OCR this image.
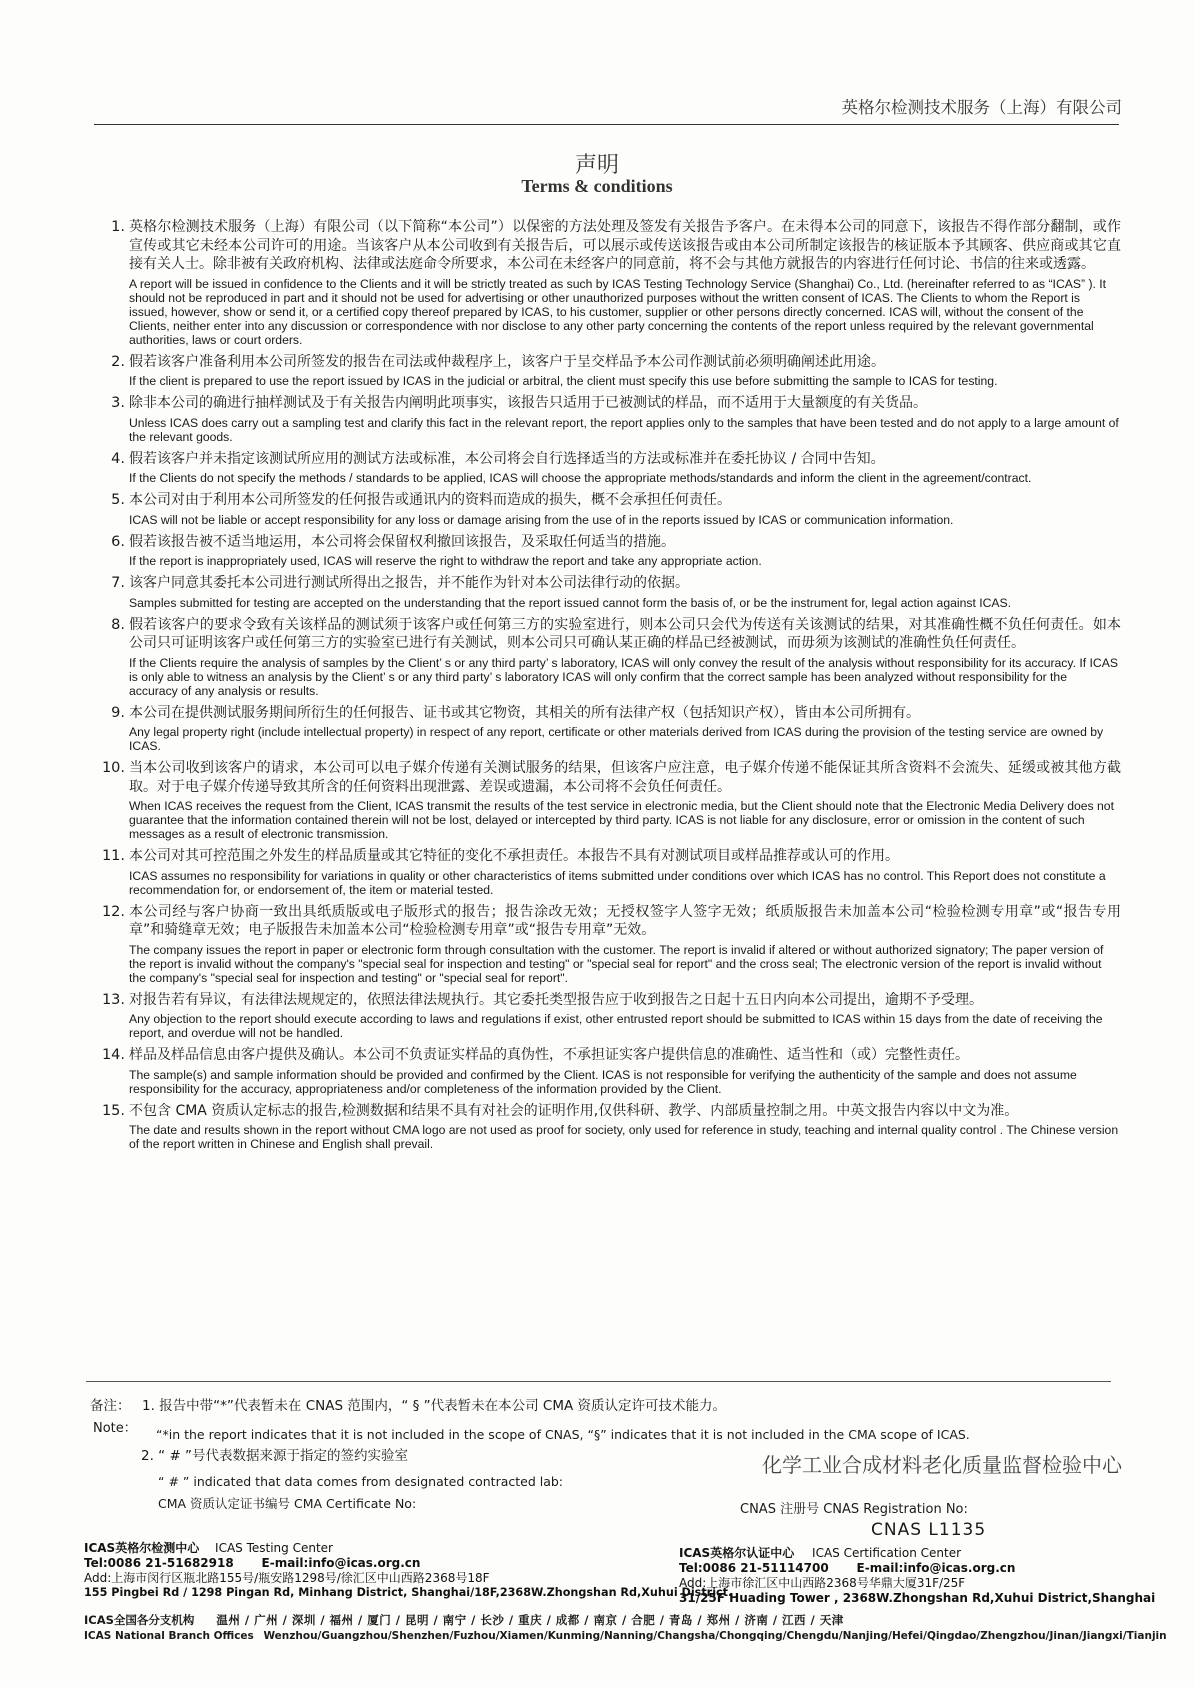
英格尔检测技术服务（上海）有限公司
声明
Terms & conditions
1. 英格尔检测技术服务（上海）有限公司（以下简称“本公司”）以保密的方法处理及签发有关报告予客户。在未得本公司的同意下，该报告不得作部分翻制，或作宣传或其它未经本公司许可的用途。当该客户从本公司收到有关报告后，可以展示或传送该报告或由本公司所制定该报告的核证版本予其顾客、供应商或其它直接有关人士。除非被有关政府机构、法律或法庭命令所要求，本公司在未经客户的同意前，将不会与其他方就报告的内容进行任何讨论、书信的往来或透露。
A report will be issued in confidence to the Clients and it will be strictly treated as such by ICAS Testing Technology Service (Shanghai) Co., Ltd. (hereinafter referred to as “ICAS” ). It should not be reproduced in part and it should not be used for advertising or other unauthorized purposes without the written consent of ICAS. The Clients to whom the Report is issued, however, show or send it, or a certified copy thereof prepared by ICAS, to his customer, supplier or other persons directly concerned. ICAS will, without the consent of the Clients, neither enter into any discussion or correspondence with nor disclose to any other party concerning the contents of the report unless required by the relevant governmental authorities, laws or court orders.
2. 假若该客户准备利用本公司所签发的报告在司法或仲裁程序上，该客户于呈交样品予本公司作测试前必须明确阐述此用途。
If the client is prepared to use the report issued by ICAS in the judicial or arbitral, the client must specify this use before submitting the sample to ICAS for testing.
3. 除非本公司的确进行抽样测试及于有关报告内阐明此项事实，该报告只适用于已被测试的样品，而不适用于大量额度的有关货品。
Unless ICAS does carry out a sampling test and clarify this fact in the relevant report, the report applies only to the samples that have been tested and do not apply to a large amount of the relevant goods.
4. 假若该客户并未指定该测试所应用的测试方法或标准，本公司将会自行选择适当的方法或标准并在委托协议 / 合同中告知。
If the Clients do not specify the methods / standards to be applied, ICAS will choose the appropriate methods/standards and inform the client in the agreement/contract.
5. 本公司对由于利用本公司所签发的任何报告或通讯内的资料而造成的损失，概不会承担任何责任。
ICAS will not be liable or accept responsibility for any loss or damage arising from the use of in the reports issued by ICAS or communication information.
6. 假若该报告被不适当地运用，本公司将会保留权利撤回该报告，及采取任何适当的措施。
If the report is inappropriately used, ICAS will reserve the right to withdraw the report and take any appropriate action.
7. 该客户同意其委托本公司进行测试所得出之报告，并不能作为针对本公司法律行动的依据。
Samples submitted for testing are accepted on the understanding that the report issued cannot form the basis of, or be the instrument for, legal action against ICAS.
8. 假若该客户的要求令致有关该样品的测试须于该客户或任何第三方的实验室进行，则本公司只会代为传送有关该测试的结果，对其准确性概不负任何责任。如本公司只可证明该客户或任何第三方的实验室已进行有关测试，则本公司只可确认某正确的样品已经被测试，而毋须为该测试的准确性负任何责任。
If the Clients require the analysis of samples by the Client’ s or any third party’ s laboratory, ICAS will only convey the result of the analysis without responsibility for its accuracy. If ICAS is only able to witness an analysis by the Client’ s or any third party’ s laboratory ICAS will only confirm that the correct sample has been analyzed without responsibility for the accuracy of any analysis or results.
9. 本公司在提供测试服务期间所衍生的任何报告、证书或其它物资，其相关的所有法律产权（包括知识产权），皆由本公司所拥有。
Any legal property right (include intellectual property) in respect of any report, certificate or other materials derived from ICAS during the provision of the testing service are owned by ICAS.
10. 当本公司收到该客户的请求，本公司可以电子媒介传递有关测试服务的结果，但该客户应注意，电子媒介传递不能保证其所含资料不会流失、延缓或被其他方截取。对于电子媒介传递导致其所含的任何资料出现泄露、差误或遗漏，本公司将不会负任何责任。
When ICAS receives the request from the Client, ICAS transmit the results of the test service in electronic media, but the Client should note that the Electronic Media Delivery does not guarantee that the information contained therein will not be lost, delayed or intercepted by third party. ICAS is not liable for any disclosure, error or omission in the content of such messages as a result of electronic transmission.
11. 本公司对其可控范围之外发生的样品质量或其它特征的变化不承担责任。本报告不具有对测试项目或样品推荐或认可的作用。
ICAS assumes no responsibility for variations in quality or other characteristics of items submitted under conditions over which ICAS has no control. This Report does not constitute a recommendation for, or endorsement of, the item or material tested.
12. 本公司经与客户协商一致出具纸质版或电子版形式的报告；报告涂改无效；无授权签字人签字无效；纸质版报告未加盖本公司“检验检测专用章”或“报告专用章”和骑缝章无效；电子版报告未加盖本公司“检验检测专用章”或“报告专用章”无效。
The company issues the report in paper or electronic form through consultation with the customer. The report is invalid if altered or without authorized signatory; The paper version of the report is invalid without the company's "special seal for inspection and testing" or "special seal for report" and the cross seal; The electronic version of the report is invalid without the company's "special seal for inspection and testing" or "special seal for report".
13. 对报告若有异议，有法律法规规定的，依照法律法规执行。其它委托类型报告应于收到报告之日起十五日内向本公司提出，逾期不予受理。
Any objection to the report should execute according to laws and regulations if exist, other entrusted report should be submitted to ICAS within 15 days from the date of receiving the report, and overdue will not be handled.
14. 样品及样品信息由客户提供及确认。本公司不负责证实样品的真伪性，不承担证实客户提供信息的准确性、适当性和（或）完整性责任。
The sample(s) and sample information should be provided and confirmed by the Client. ICAS is not responsible for verifying the authenticity of the sample and does not assume responsibility for the accuracy, appropriateness and/or completeness of the information provided by the Client.
15. 不包含 CMA 资质认定标志的报告,检测数据和结果不具有对社会的证明作用,仅供科研、教学、内部质量控制之用。中英文报告内容以中文为准。
The date and results shown in the report without CMA logo are not used as proof for society, only used for reference in study, teaching and internal quality control . The Chinese version of the report written in Chinese and English shall prevail.
备注： 1. 报告中带“*”代表暂未在 CNAS 范围内，“ § ”代表暂未在本公司 CMA 资质认定许可技术能力。
Note： “*in the report indicates that it is not included in the scope of CNAS, “§” indicates that it is not included in the CMA scope of ICAS.
2. “ # ”号代表数据来源于指定的签约实验室
“ # ” indicated that data comes from designated contracted lab:
CMA 资质认定证书编号 CMA Certificate No:
化学工业合成材料老化质量监督检验中心
CNAS 注册号 CNAS Registration No:
CNAS L1135
ICAS英格尔检测中心 ICAS Testing Center
Tel:0086 21-51682918 E-mail:info@icas.org.cn
Add:上海市闵行区瓶北路155号/瓶安路1298号/徐汇区中山西路2368号18F
155 Pingbei Rd / 1298 Pingan Rd, Minhang District, Shanghai/18F,2368W.Zhongshan Rd,Xuhui District.
ICAS英格尔认证中心 ICAS Certification Center
Tel:0086 21-51114700 E-mail:info@icas.org.cn
Add:上海市徐汇区中山西路2368号华鼎大厦31F/25F
31/25F Huading Tower , 2368W.Zhongshan Rd,Xuhui District,Shanghai
ICAS全国各分支机构 温州 / 广州 / 深圳 / 福州 / 厦门 / 昆明 / 南宁 / 长沙 / 重庆 / 成都 / 南京 / 合肥 / 青岛 / 郑州 / 济南 / 江西 / 天津
ICAS National Branch Offices Wenzhou/Guangzhou/Shenzhen/Fuzhou/Xiamen/Kunming/Nanning/Changsha/Chongqing/Chengdu/Nanjing/Hefei/Qingdao/Zhengzhou/Jinan/Jiangxi/Tianjin
